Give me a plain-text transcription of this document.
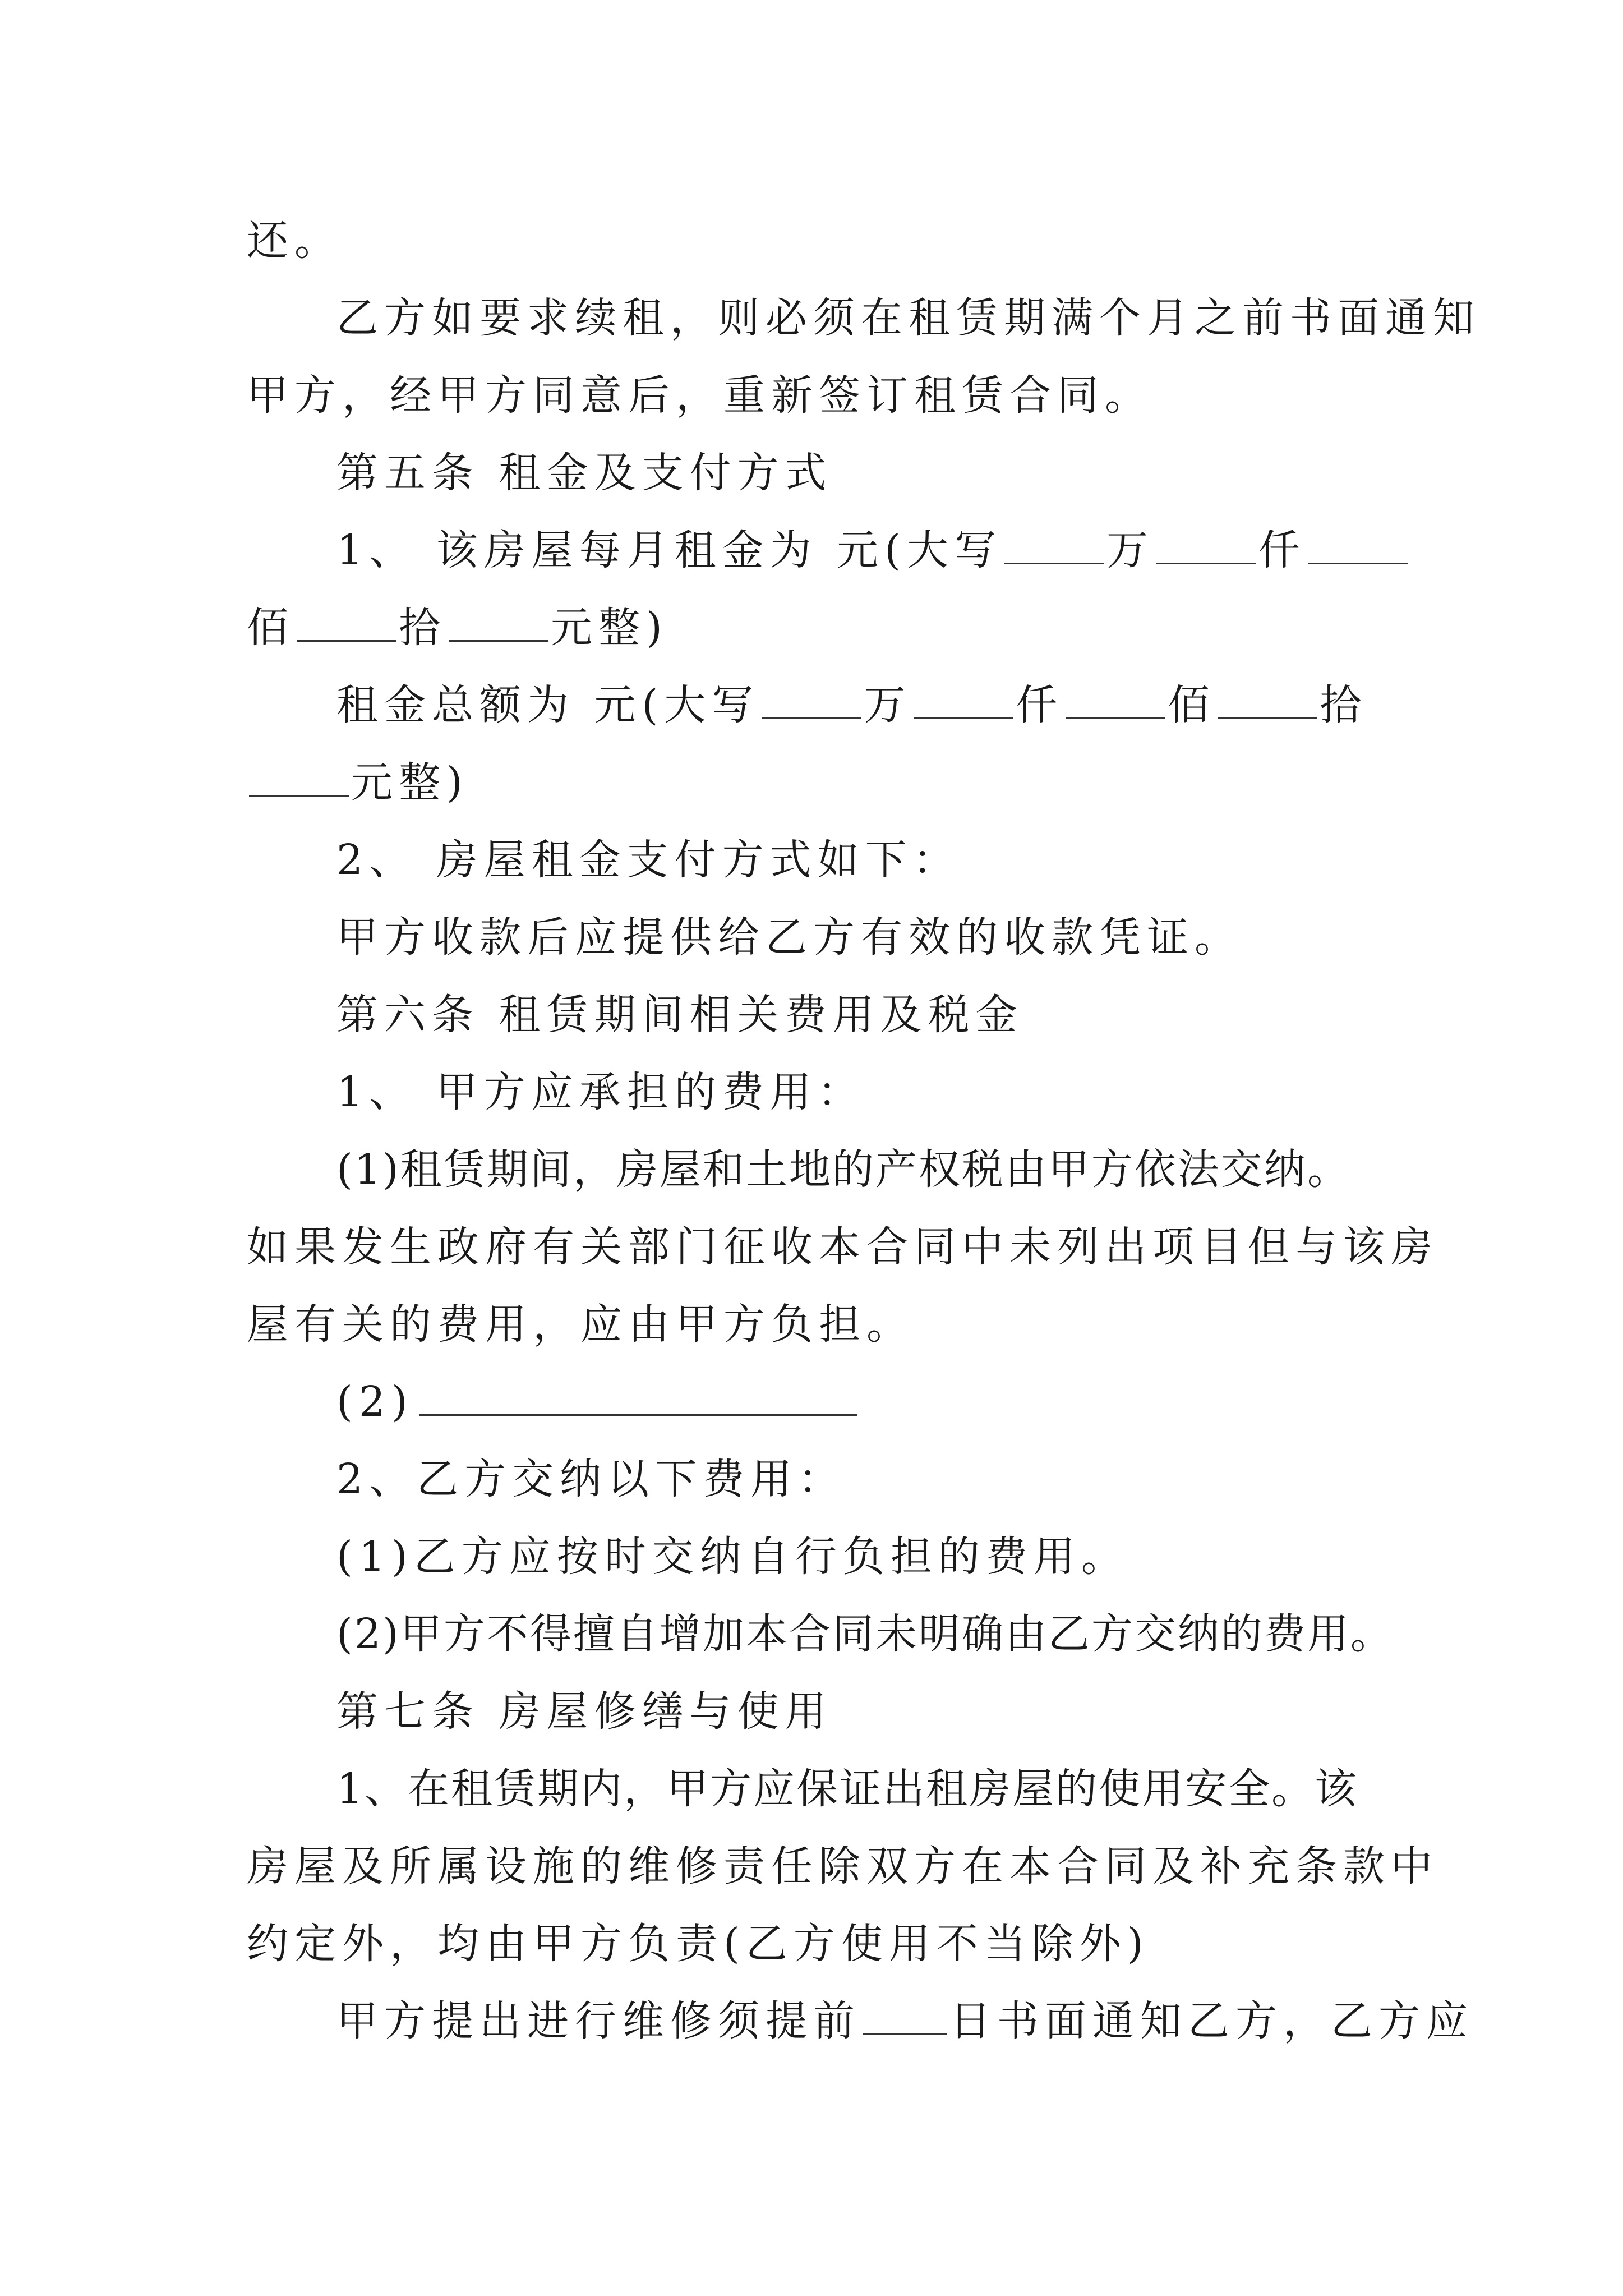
还。
乙方如要求续租，则必须在租赁期满个月之前书面通知
甲方，经甲方同意后，重新签订租赁合同。
第五条 租金及支付方式
1、 该房屋每月租金为 元(大写	万	仟
佰	拾	元整)
租金总额为 元(大写	万	仟	佰	拾
元整)
2、 房屋租金支付方式如下：
甲方收款后应提供给乙方有效的收款凭证。
第六条 租赁期间相关费用及税金
1、 甲方应承担的费用：
(1)租赁期间，房屋和土地的产权税由甲方依法交纳。
如果发生政府有关部门征收本合同中未列出项目但与该房
屋有关的费用，应由甲方负担。
(2)
2、乙方交纳以下费用：
(1)乙方应按时交纳自行负担的费用。
(2)甲方不得擅自增加本合同未明确由乙方交纳的费用。
第七条 房屋修缮与使用
1、在租赁期内，甲方应保证出租房屋的使用安全。该
房屋及所属设施的维修责任除双方在本合同及补充条款中
约定外，均由甲方负责(乙方使用不当除外)
甲方提出进行维修须提前 日书面通知乙方，乙方应
